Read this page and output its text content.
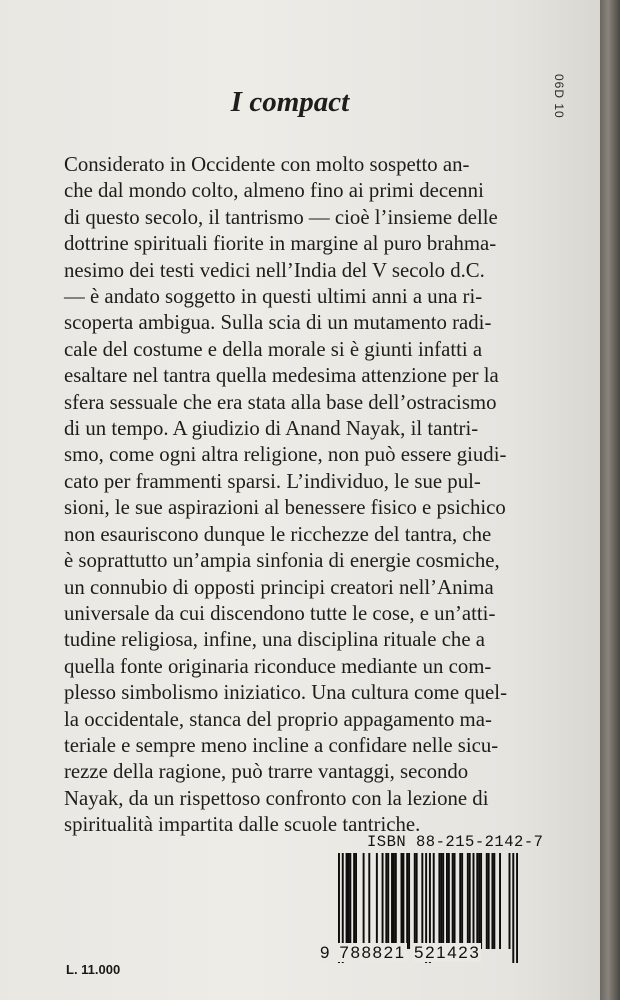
I compact	06D 10
Considerato in Occidente con molto sospetto an-
che dal mondo colto, almeno fino ai primi decenni
di questo secolo, il tantrismo — cioè l’insieme delle
dottrine spirituali fiorite in margine al puro brahma-
nesimo dei testi vedici nell’India del V secolo d.C.
— è andato soggetto in questi ultimi anni a una ri-
scoperta ambigua. Sulla scia di un mutamento radi-
cale del costume e della morale si è giunti infatti a
esaltare nel tantra quella medesima attenzione per la
sfera sessuale che era stata alla base dell’ostracismo
di un tempo. A giudizio di Anand Nayak, il tantri-
smo, come ogni altra religione, non può essere giudi-
cato per frammenti sparsi. L’individuo, le sue pul-
sioni, le sue aspirazioni al benessere fisico e psichico
non esauriscono dunque le ricchezze del tantra, che
è soprattutto un’ampia sinfonia di energie cosmiche,
un connubio di opposti principi creatori nell’Anima
universale da cui discendono tutte le cose, e un’atti-
tudine religiosa, infine, una disciplina rituale che a
quella fonte originaria riconduce mediante un com-
plesso simbolismo iniziatico. Una cultura come quel-
la occidentale, stanca del proprio appagamento ma-
teriale e sempre meno incline a confidare nelle sicu-
rezze della ragione, può trarre vantaggi, secondo
Nayak, da un rispettoso confronto con la lezione di
spiritualità impartita dalle scuole tantriche.
ISBN 88-215-2142-7
9 788821 521423
L. 11.000
